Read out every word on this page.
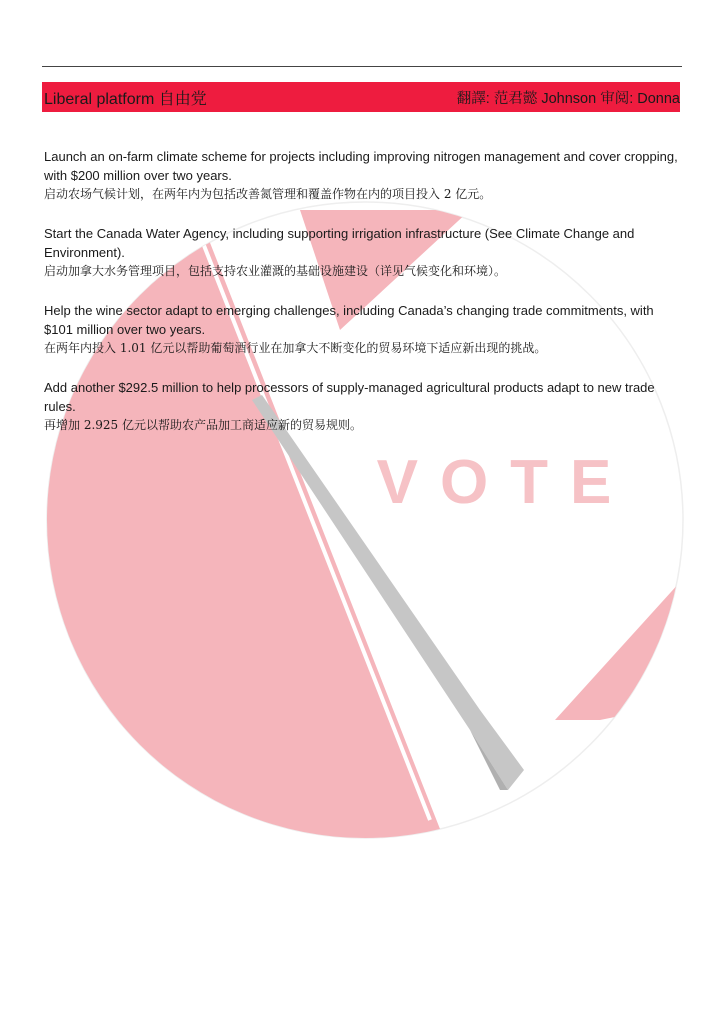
VOTE
Liberal platform 自由党	翻譯: 范君懿 Johnson 审阅: Donna

Launch an on-farm climate scheme for projects including improving nitrogen management and cover cropping, with $200 million over two years.

启动农场气候计划，在两年内为包括改善氮管理和覆盖作物在内的项目投入 2 亿元。

Start the Canada Water Agency, including supporting irrigation infrastructure (See Climate Change and Environment).

启动加拿大水务管理项目，包括支持农业灌溉的基础设施建设（详见气候变化和环境）。

Help the wine sector adapt to emerging challenges, including Canada’s changing trade commitments, with $101 million over two years.

在两年内投入 1.01 亿元以帮助葡萄酒行业在加拿大不断变化的贸易环境下适应新出现的挑战。

Add another $292.5 million to help processors of supply-managed agricultural products adapt to new trade rules.

再增加 2.925 亿元以帮助农产品加工商适应新的贸易规则。
